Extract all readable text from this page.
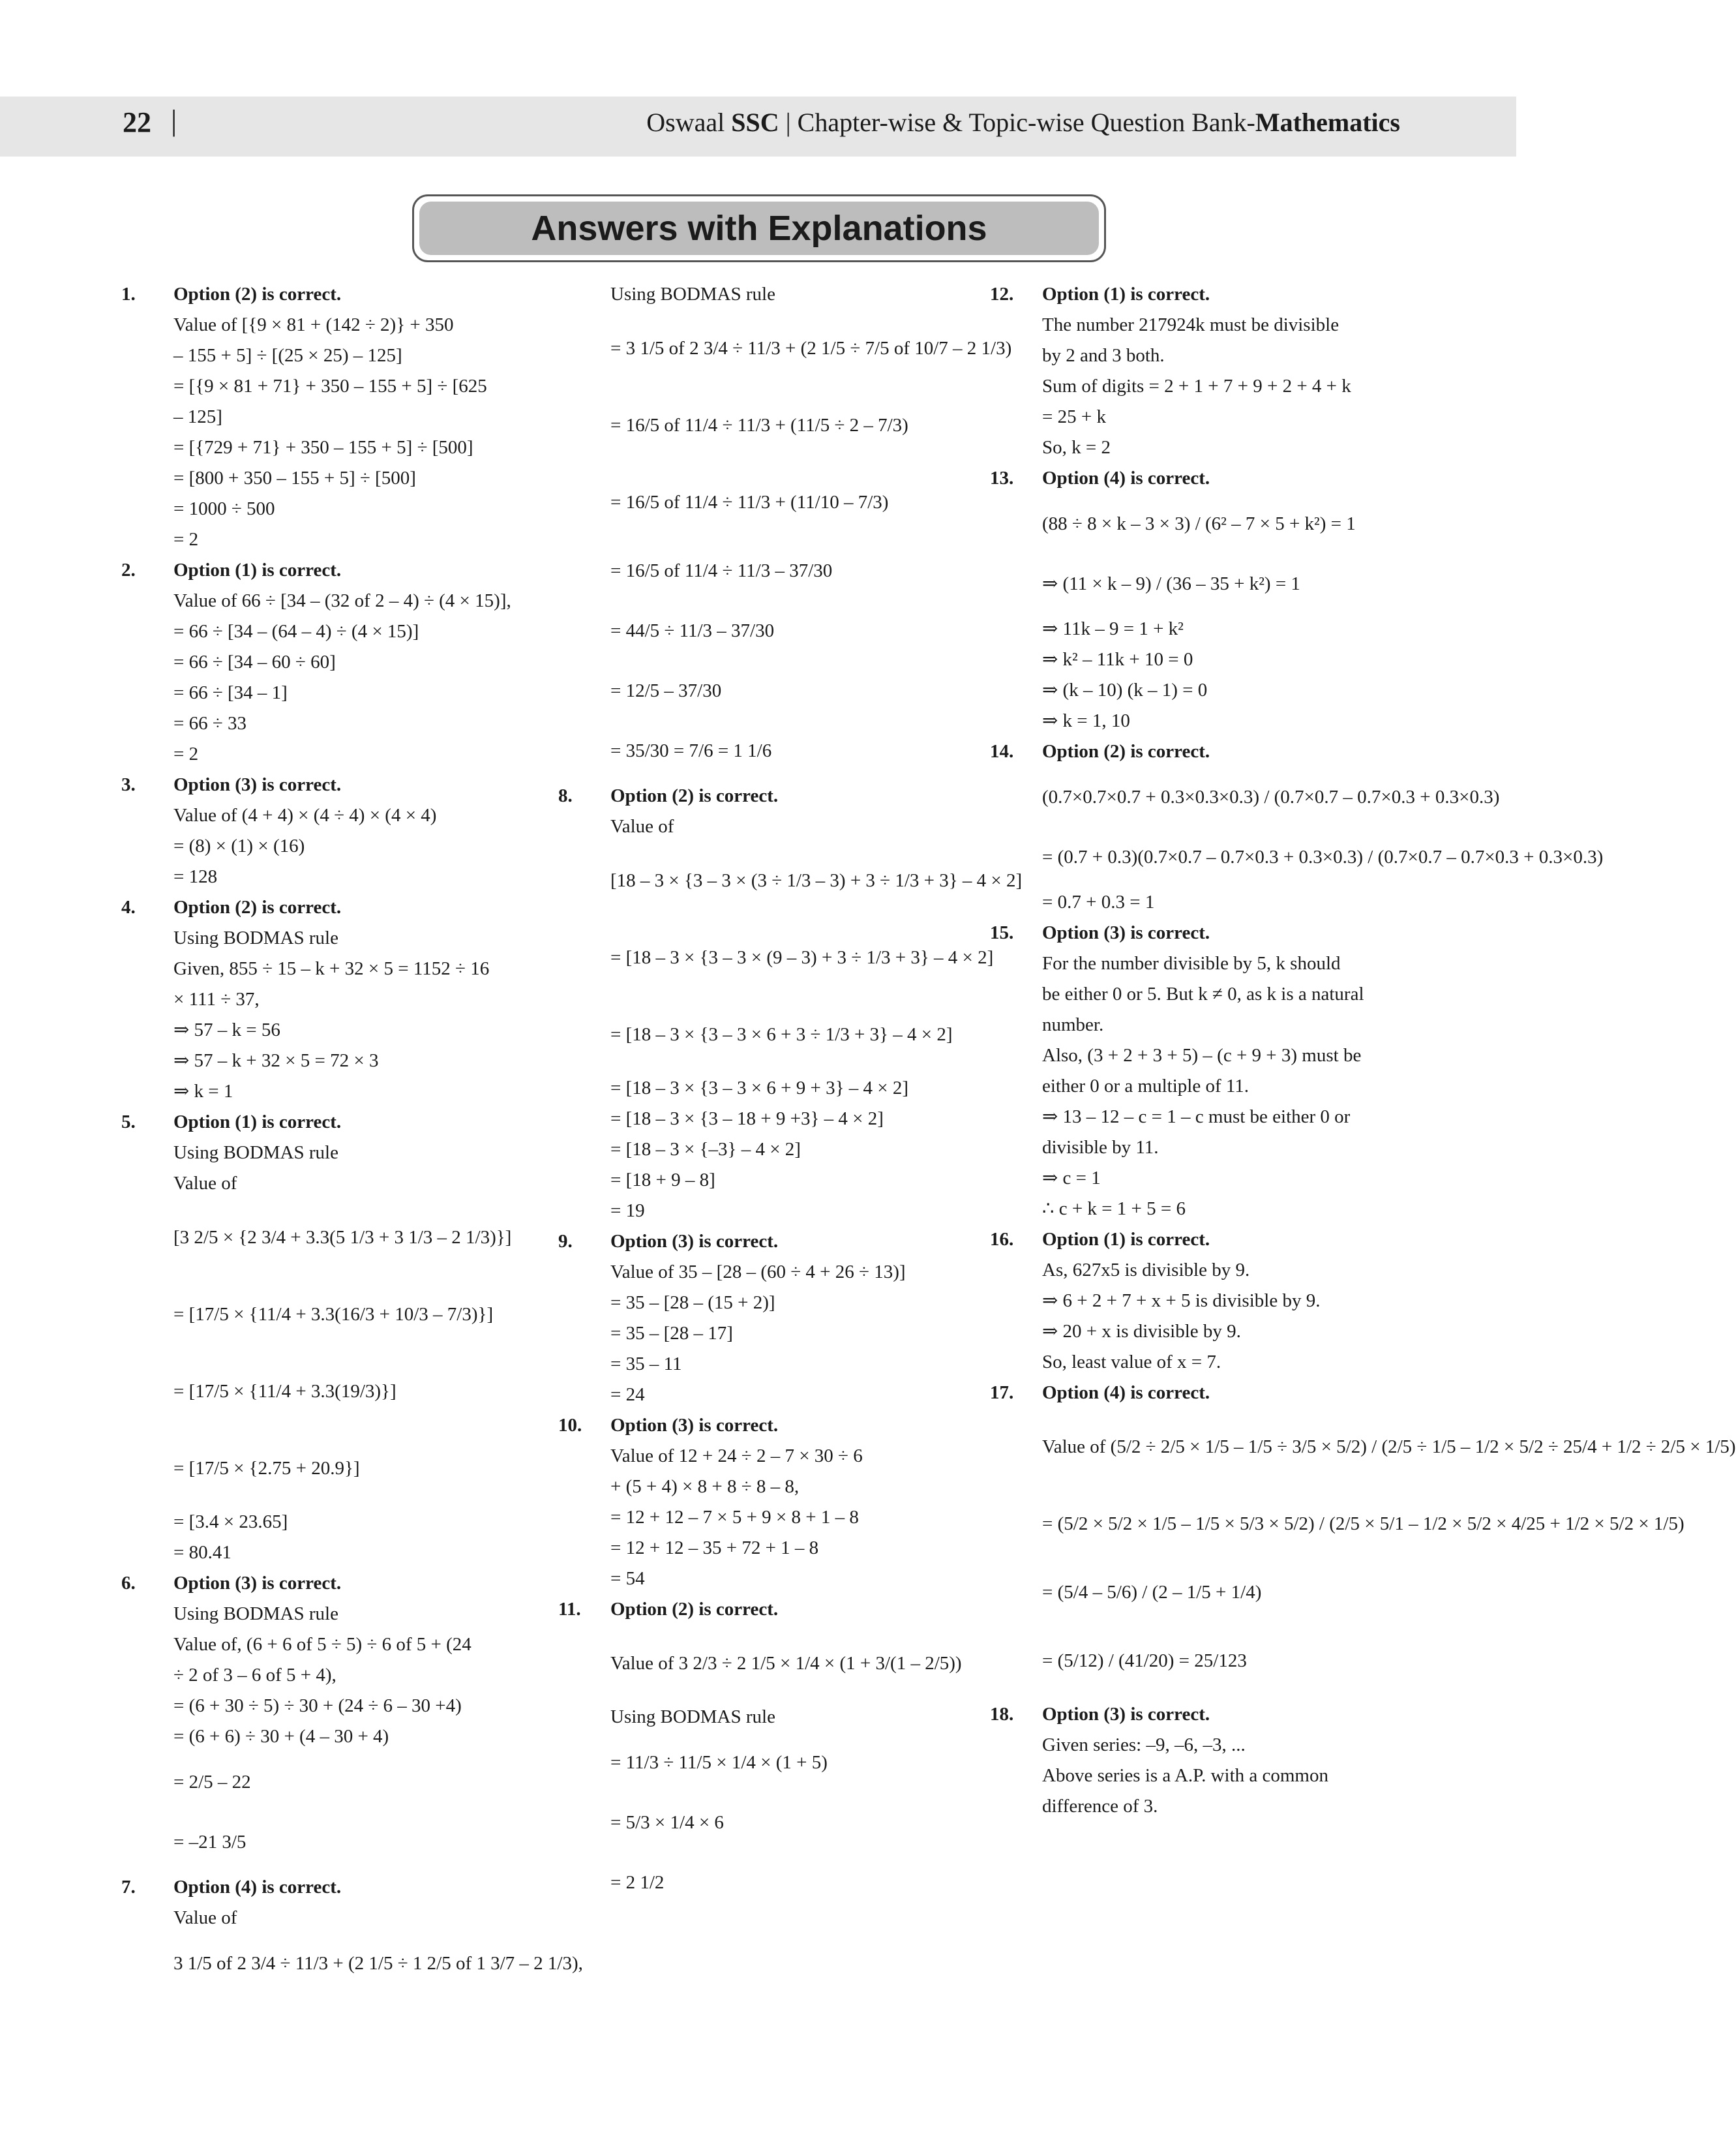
22 |	Oswaal SSC | Chapter-wise & Topic-wise Question Bank-Mathematics
Answers with Explanations
1. Option (2) is correct.
Value of [{9 × 81 + (142 ÷ 2)} + 350
– 155 + 5] ÷ [(25 × 25) – 125]
= [{9 × 81 + 71} + 350 – 155 + 5] ÷ [625
– 125]
= [{729 + 71} + 350 – 155 + 5] ÷ [500]
= [800 + 350 – 155 + 5] ÷ [500]
= 1000 ÷ 500
= 2
2. Option (1) is correct.
Value of 66 ÷ [34 – (32 of 2 – 4) ÷ (4 × 15)],
= 66 ÷ [34 – (64 – 4) ÷ (4 × 15)]
= 66 ÷ [34 – 60 ÷ 60]
= 66 ÷ [34 – 1]
= 66 ÷ 33
= 2
3. Option (3) is correct.
Value of (4 + 4) × (4 ÷ 4) × (4 × 4)
= (8) × (1) × (16)
= 128
4. Option (2) is correct.
Using BODMAS rule
Given, 855 ÷ 15 – k + 32 × 5 = 1152 ÷ 16
× 111 ÷ 37,
⇒ 57 – k = 56
⇒ 57 – k + 32 × 5 = 72 × 3
⇒ k = 1
5. Option (1) is correct.
Using BODMAS rule
Value of
[3 2/5 × {2 3/4 + 3.3(5 1/3 + 3 1/3 – 2 1/3)}]
= [17/5 × {11/4 + 3.3(16/3 + 10/3 – 7/3)}]
= [17/5 × {11/4 + 3.3(19/3)}]
= [17/5 × {2.75 + 20.9}]
= [3.4 × 23.65]
= 80.41
6. Option (3) is correct.
Using BODMAS rule
Value of, (6 + 6 of 5 ÷ 5) ÷ 6 of 5 + (24
÷ 2 of 3 – 6 of 5 + 4),
= (6 + 30 ÷ 5) ÷ 30 + (24 ÷ 6 – 30 +4)
= (6 + 6) ÷ 30 + (4 – 30 + 4)
= 2/5 – 22
= –21 3/5
7. Option (4) is correct.
Value of
3 1/5 of 2 3/4 ÷ 11/3 + (2 1/5 ÷ 1 2/5 of 1 3/7 – 2 1/3),
Using BODMAS rule
= 3 1/5 of 2 3/4 ÷ 11/3 + (2 1/5 ÷ 7/5 of 10/7 – 2 1/3)
= 16/5 of 11/4 ÷ 11/3 + (11/5 ÷ 2 – 7/3)
= 16/5 of 11/4 ÷ 11/3 + (11/10 – 7/3)
= 16/5 of 11/4 ÷ 11/3 – 37/30
= 44/5 ÷ 11/3 – 37/30
= 12/5 – 37/30
= 35/30 = 7/6 = 1 1/6
8. Option (2) is correct.
Value of
[18 – 3 × {3 – 3 × (3 ÷ 1/3 – 3) + 3 ÷ 1/3 + 3} – 4 × 2]
= [18 – 3 × {3 – 3 × (9 – 3) + 3 ÷ 1/3 + 3} – 4 × 2]
= [18 – 3 × {3 – 3 × 6 + 3 ÷ 1/3 + 3} – 4 × 2]
= [18 – 3 × {3 – 3 × 6 + 9 + 3} – 4 × 2]
= [18 – 3 × {3 – 18 + 9 +3} – 4 × 2]
= [18 – 3 × {–3} – 4 × 2]
= [18 + 9 – 8]
= 19
9. Option (3) is correct.
Value of 35 – [28 – (60 ÷ 4 + 26 ÷ 13)]
= 35 – [28 – (15 + 2)]
= 35 – [28 – 17]
= 35 – 11
= 24
10. Option (3) is correct.
Value of 12 + 24 ÷ 2 – 7 × 30 ÷ 6
+ (5 + 4) × 8 + 8 ÷ 8 – 8,
= 12 + 12 – 7 × 5 + 9 × 8 + 1 – 8
= 12 + 12 – 35 + 72 + 1 – 8
= 54
11. Option (2) is correct.
Value of 3 2/3 ÷ 2 1/5 × 1/4 × (1 + 3/(1 – 2/5))
Using BODMAS rule
= 11/3 ÷ 11/5 × 1/4 × (1 + 5)
= 5/3 × 1/4 × 6
= 2 1/2
12. Option (1) is correct.
The number 217924k must be divisible
by 2 and 3 both.
Sum of digits = 2 + 1 + 7 + 9 + 2 + 4 + k
= 25 + k
So, k = 2
13. Option (4) is correct.
(88 ÷ 8 × k – 3 × 3) / (6² – 7 × 5 + k²) = 1
⇒ (11 × k – 9) / (36 – 35 + k²) = 1
⇒ 11k – 9 = 1 + k²
⇒ k² – 11k + 10 = 0
⇒ (k – 10) (k – 1) = 0
⇒ k = 1, 10
14. Option (2) is correct.
(0.7×0.7×0.7 + 0.3×0.3×0.3) / (0.7×0.7 – 0.7×0.3 + 0.3×0.3)
= (0.7 + 0.3)(0.7×0.7 – 0.7×0.3 + 0.3×0.3) / (0.7×0.7 – 0.7×0.3 + 0.3×0.3)
= 0.7 + 0.3 = 1
15. Option (3) is correct.
For the number divisible by 5, k should
be either 0 or 5. But k ≠ 0, as k is a natural
number.
Also, (3 + 2 + 3 + 5) – (c + 9 + 3) must be
either 0 or a multiple of 11.
⇒ 13 – 12 – c = 1 – c must be either 0 or
divisible by 11.
⇒ c = 1
∴ c + k = 1 + 5 = 6
16. Option (1) is correct.
As, 627x5 is divisible by 9.
⇒ 6 + 2 + 7 + x + 5 is divisible by 9.
⇒ 20 + x is divisible by 9.
So, least value of x = 7.
17. Option (4) is correct.
Value of (5/2 ÷ 2/5 × 1/5 – 1/5 ÷ 3/5 × 5/2) / (2/5 ÷ 1/5 – 1/2 × 5/2 ÷ 25/4 + 1/2 ÷ 2/5 × 1/5)
= (5/2 × 5/2 × 1/5 – 1/5 × 5/3 × 5/2) / (2/5 × 5/1 – 1/2 × 5/2 × 4/25 + 1/2 × 5/2 × 1/5)
= (5/4 – 5/6) / (2 – 1/5 + 1/4)
= (5/12) / (41/20) = 25/123
18. Option (3) is correct.
Given series: –9, –6, –3, ...
Above series is a A.P. with a common
difference of 3.
